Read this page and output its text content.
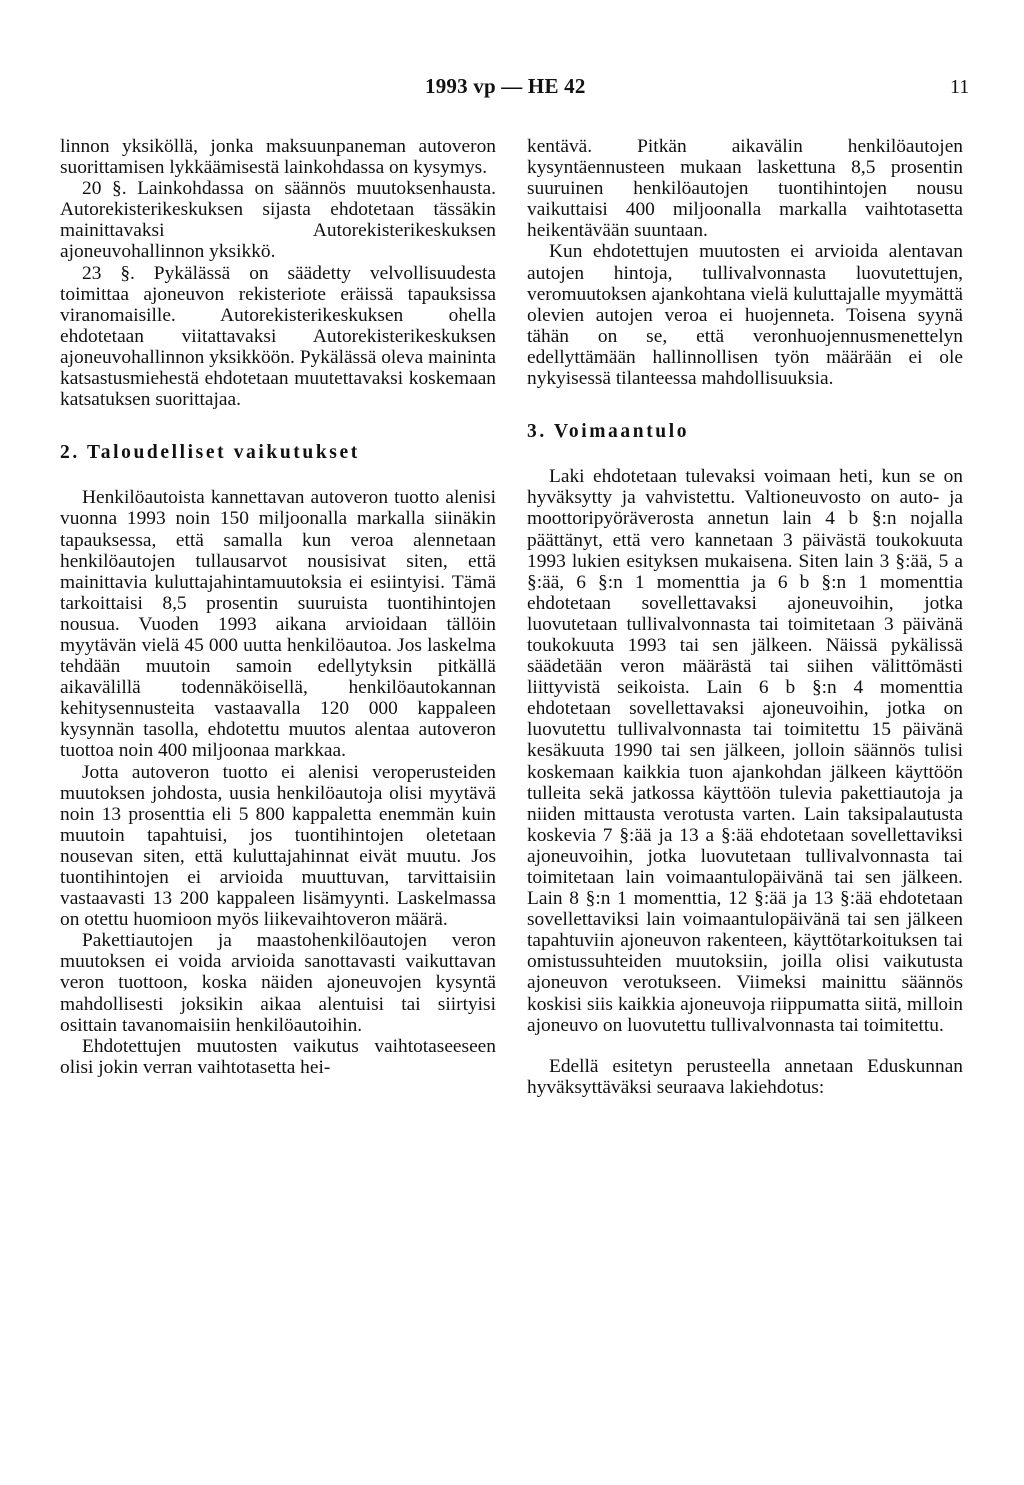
1993 vp — HE 42	11

linnon yksiköllä, jonka maksuunpaneman autoveron suorittamisen lykkäämisestä lainkohdassa on kysymys.

20 §. Lainkohdassa on säännös muutoksenhausta. Autorekisterikeskuksen sijasta ehdotetaan tässäkin mainittavaksi Autorekisterikeskuksen ajoneuvohallinnon yksikkö.

23 §. Pykälässä on säädetty velvollisuudesta toimittaa ajoneuvon rekisteriote eräissä tapauksissa viranomaisille. Autorekisterikeskuksen ohella ehdotetaan viitattavaksi Autorekisterikeskuksen ajoneuvohallinnon yksikköön. Pykälässä oleva maininta katsastusmiehestä ehdotetaan muutettavaksi koskemaan katsatuksen suorittajaa.

2. Taloudelliset vaikutukset

Henkilöautoista kannettavan autoveron tuotto alenisi vuonna 1993 noin 150 miljoonalla markalla siinäkin tapauksessa, että samalla kun veroa alennetaan henkilöautojen tullausarvot nousisivat siten, että mainittavia kuluttajahintamuutoksia ei esiintyisi. Tämä tarkoittaisi 8,5 prosentin suuruista tuontihintojen nousua. Vuoden 1993 aikana arvioidaan tällöin myytävän vielä 45 000 uutta henkilöautoa. Jos laskelma tehdään muutoin samoin edellytyksin pitkällä aikavälillä todennäköisellä, henkilöautokannan kehitysennusteita vastaavalla 120 000 kappaleen kysynnän tasolla, ehdotettu muutos alentaa autoveron tuottoa noin 400 miljoonaa markkaa.

Jotta autoveron tuotto ei alenisi veroperusteiden muutoksen johdosta, uusia henkilöautoja olisi myytävä noin 13 prosenttia eli 5 800 kappaletta enemmän kuin muutoin tapahtuisi, jos tuontihintojen oletetaan nousevan siten, että kuluttajahinnat eivät muutu. Jos tuontihintojen ei arvioida muuttuvan, tarvittaisiin vastaavasti 13 200 kappaleen lisämyynti. Laskelmassa on otettu huomioon myös liikevaihtoveron määrä.

Pakettiautojen ja maastohenkilöautojen veron muutoksen ei voida arvioida sanottavasti vaikuttavan veron tuottoon, koska näiden ajoneuvojen kysyntä mahdollisesti joksikin aikaa alentuisi tai siirtyisi osittain tavanomaisiin henkilöautoihin.

Ehdotettujen muutosten vaikutus vaihtotaseeseen olisi jokin verran vaihtotasetta hei-

kentävä. Pitkän aikavälin henkilöautojen kysyntäennusteen mukaan laskettuna 8,5 prosentin suuruinen henkilöautojen tuontihintojen nousu vaikuttaisi 400 miljoonalla markalla vaihtotasetta heikentävään suuntaan.

Kun ehdotettujen muutosten ei arvioida alentavan autojen hintoja, tullivalvonnasta luovutettujen, veromuutoksen ajankohtana vielä kuluttajalle myymättä olevien autojen veroa ei huojenneta. Toisena syynä tähän on se, että veronhuojennusmenettelyn edellyttämään hallinnollisen työn määrään ei ole nykyisessä tilanteessa mahdollisuuksia.

3. Voimaantulo

Laki ehdotetaan tulevaksi voimaan heti, kun se on hyväksytty ja vahvistettu. Valtioneuvosto on auto- ja moottoripyöräverosta annetun lain 4 b §:n nojalla päättänyt, että vero kannetaan 3 päivästä toukokuuta 1993 lukien esityksen mukaisena. Siten lain 3 §:ää, 5 a §:ää, 6 §:n 1 momenttia ja 6 b §:n 1 momenttia ehdotetaan sovellettavaksi ajoneuvoihin, jotka luovutetaan tullivalvonnasta tai toimitetaan 3 päivänä toukokuuta 1993 tai sen jälkeen. Näissä pykälissä säädetään veron määrästä tai siihen välittömästi liittyvistä seikoista. Lain 6 b §:n 4 momenttia ehdotetaan sovellettavaksi ajoneuvoihin, jotka on luovutettu tullivalvonnasta tai toimitettu 15 päivänä kesäkuuta 1990 tai sen jälkeen, jolloin säännös tulisi koskemaan kaikkia tuon ajankohdan jälkeen käyttöön tulleita sekä jatkossa käyttöön tulevia pakettiautoja ja niiden mittausta verotusta varten. Lain taksipalautusta koskevia 7 §:ää ja 13 a §:ää ehdotetaan sovellettaviksi ajoneuvoihin, jotka luovutetaan tullivalvonnasta tai toimitetaan lain voimaantulopäivänä tai sen jälkeen. Lain 8 §:n 1 momenttia, 12 §:ää ja 13 §:ää ehdotetaan sovellettaviksi lain voimaantulopäivänä tai sen jälkeen tapahtuviin ajoneuvon rakenteen, käyttötarkoituksen tai omistussuhteiden muutoksiin, joilla olisi vaikutusta ajoneuvon verotukseen. Viimeksi mainittu säännös koskisi siis kaikkia ajoneuvoja riippumatta siitä, milloin ajoneuvo on luovutettu tullivalvonnasta tai toimitettu.

Edellä esitetyn perusteella annetaan Eduskunnan hyväksyttäväksi seuraava lakiehdotus:
